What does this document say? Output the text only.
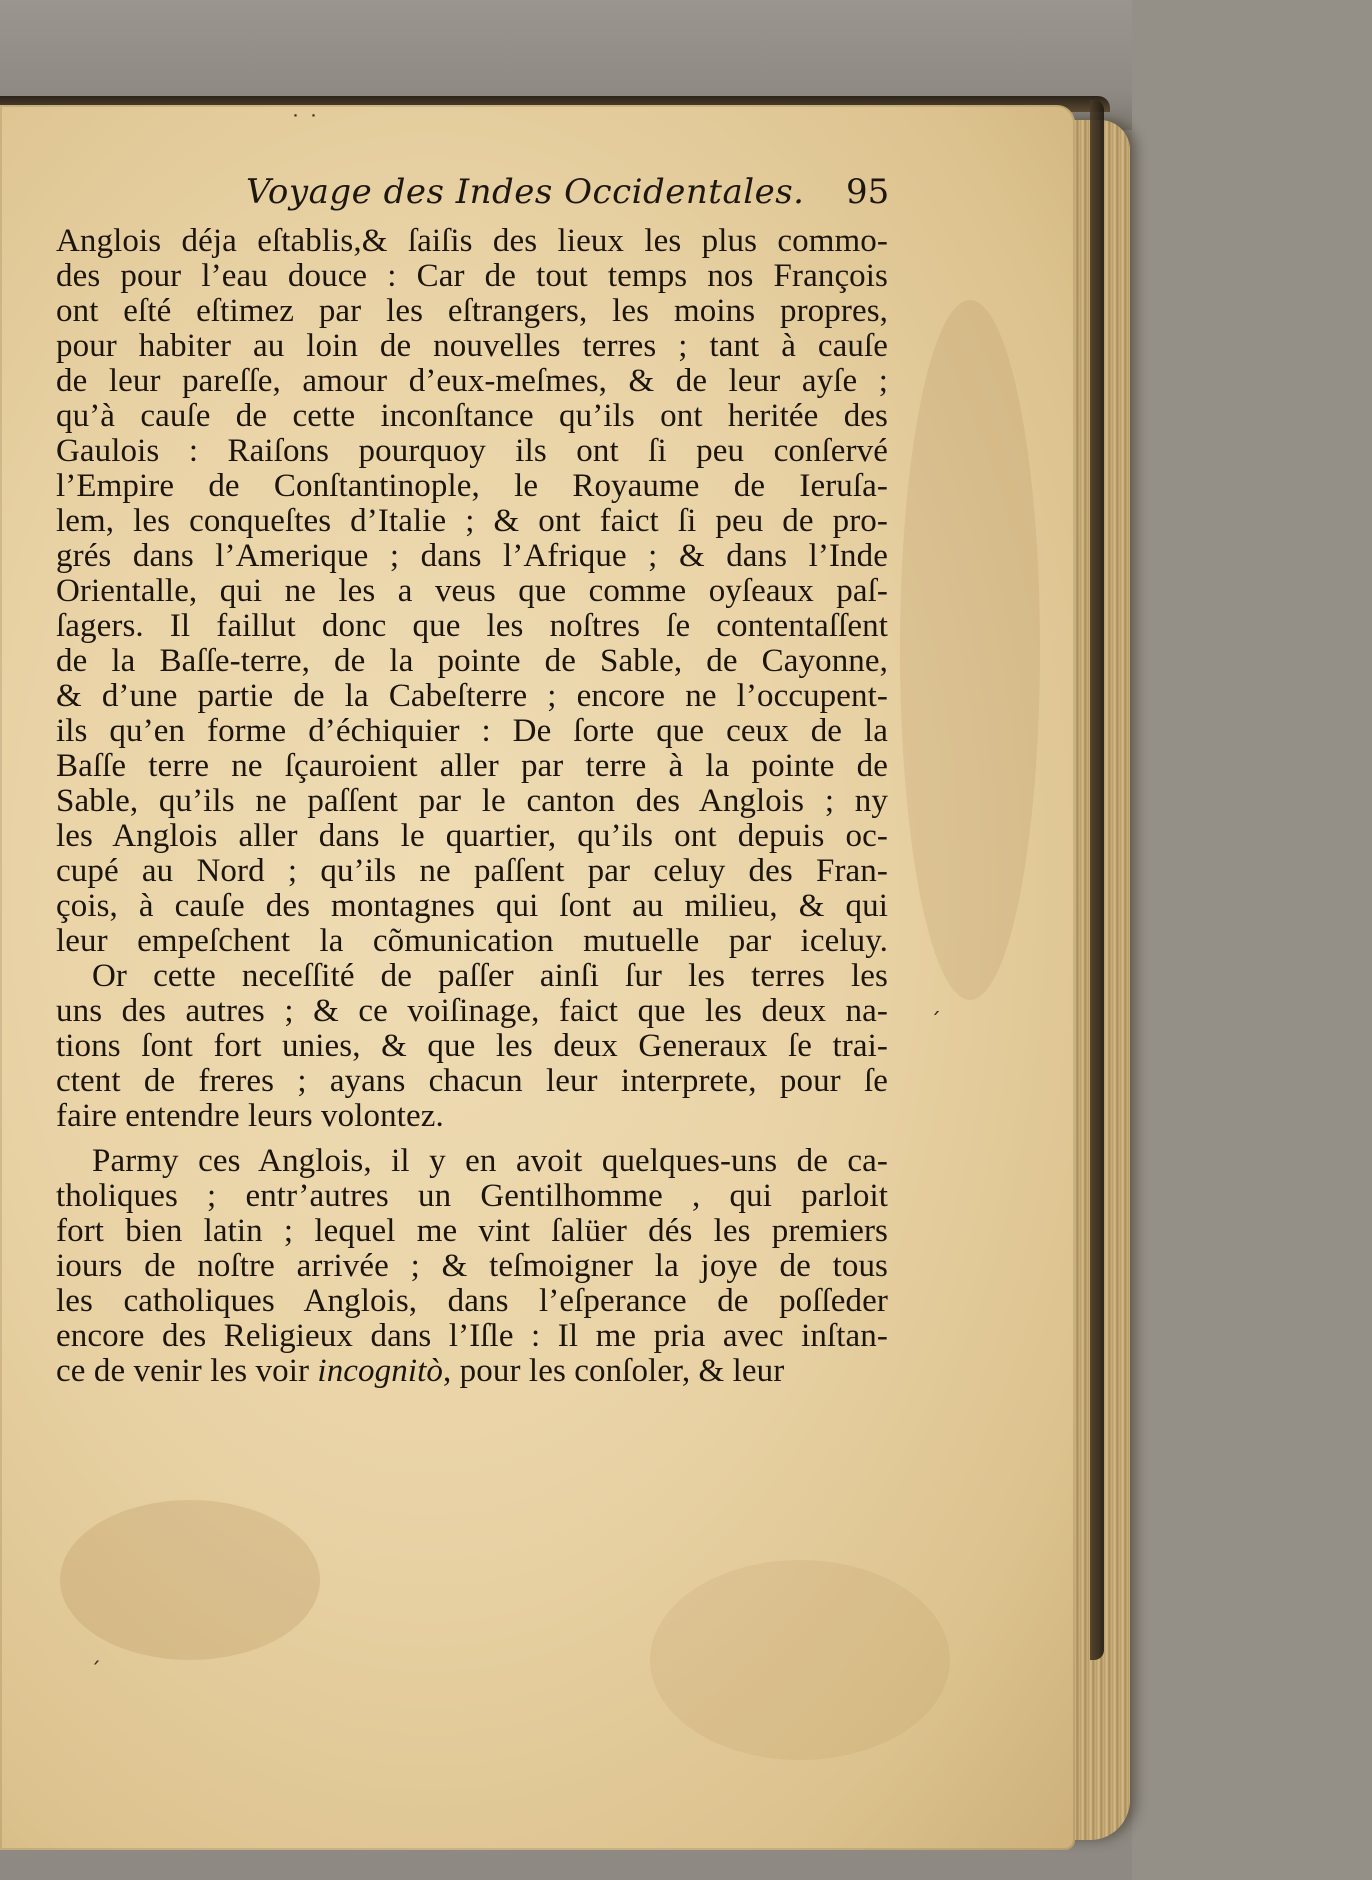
˙ ˙
ˊ
ˏ
Voyage des Indes Occidentales. 95
Anglois déja eſtablis,& ſaiſis des lieux les plus commo-
des pour l’eau douce : Car de tout temps nos François
ont eſté eſtimez par les eſtrangers, les moins propres,
pour habiter au loin de nouvelles terres ; tant à cauſe
de leur pareſſe, amour d’eux-meſmes, & de leur ayſe ;
qu’à cauſe de cette inconſtance qu’ils ont heritée des
Gaulois : Raiſons pourquoy ils ont ſi peu conſervé
l’Empire de Conſtantinople, le Royaume de Ieruſa-
lem, les conqueſtes d’Italie ; & ont faict ſi peu de pro-
grés dans l’Amerique ; dans l’Afrique ; & dans l’Inde
Orientalle, qui ne les a veus que comme oyſeaux paſ-
ſagers. Il faillut donc que les noſtres ſe contentaſſent
de la Baſſe-terre, de la pointe de Sable, de Cayonne,
& d’une partie de la Cabeſterre ; encore ne l’occupent-
ils qu’en forme d’échiquier : De ſorte que ceux de la
Baſſe terre ne ſçauroient aller par terre à la pointe de
Sable, qu’ils ne paſſent par le canton des Anglois ; ny
les Anglois aller dans le quartier, qu’ils ont depuis oc-
cupé au Nord ; qu’ils ne paſſent par celuy des Fran-
çois, à cauſe des montagnes qui ſont au milieu, & qui
leur empeſchent la cõmunication mutuelle par iceluy.
Or cette neceſſité de paſſer ainſi ſur les terres les
uns des autres ; & ce voiſinage, faict que les deux na-
tions ſont fort unies, & que les deux Generaux ſe trai-
ctent de freres ; ayans chacun leur interprete, pour ſe
faire entendre leurs volontez.
Parmy ces Anglois, il y en avoit quelques-uns de ca-
tholiques ; entr’autres un Gentilhomme , qui parloit
fort bien latin ; lequel me vint ſalüer dés les premiers
iours de noſtre arrivée ; & teſmoigner la joye de tous
les catholiques Anglois, dans l’eſperance de poſſeder
encore des Religieux dans l’Iſle : Il me pria avec inſtan-
ce de venir les voir incognitò, pour les conſoler, & leur
